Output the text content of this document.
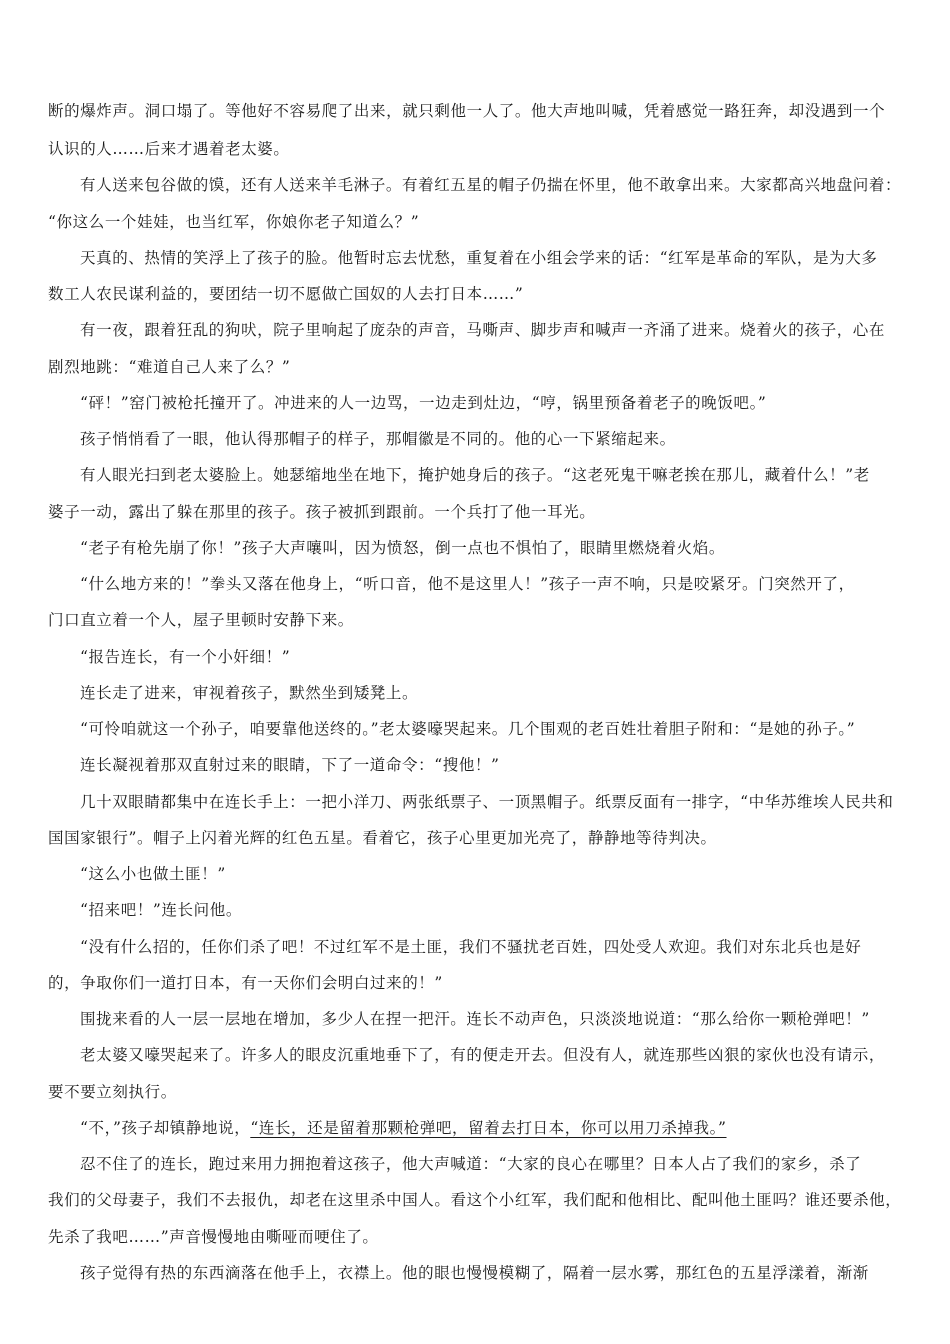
断的爆炸声。洞口塌了。等他好不容易爬了出来，就只剩他一人了。他大声地叫喊，凭着感觉一路狂奔，却没遇到一个
认识的人……后来才遇着老太婆。
有人送来包谷做的馍，还有人送来羊毛淋子。有着红五星的帽子仍揣在怀里，他不敢拿出来。大家都高兴地盘问着：
“你这么一个娃娃，也当红军，你娘你老子知道么？”
天真的、热情的笑浮上了孩子的脸。他暂时忘去忧愁，重复着在小组会学来的话：“红军是革命的军队，是为大多
数工人农民谋利益的，要团结一切不愿做亡国奴的人去打日本……”
有一夜，跟着狂乱的狗吠，院子里响起了庞杂的声音，马嘶声、脚步声和喊声一齐涌了进来。烧着火的孩子，心在
剧烈地跳：“难道自己人来了么？”
“砰！”窑门被枪托撞开了。冲进来的人一边骂，一边走到灶边，“哼，锅里预备着老子的晚饭吧。”
孩子悄悄看了一眼，他认得那帽子的样子，那帽徽是不同的。他的心一下紧缩起来。
有人眼光扫到老太婆脸上。她瑟缩地坐在地下，掩护她身后的孩子。“这老死鬼干嘛老挨在那儿，藏着什么！”老
婆子一动，露出了躲在那里的孩子。孩子被抓到跟前。一个兵打了他一耳光。
“老子有枪先崩了你！”孩子大声嚷叫，因为愤怒，倒一点也不惧怕了，眼睛里燃烧着火焰。
“什么地方来的！”拳头又落在他身上，“听口音，他不是这里人！”孩子一声不响，只是咬紧牙。门突然开了，
门口直立着一个人，屋子里顿时安静下来。
“报告连长，有一个小奸细！”
连长走了进来，审视着孩子，默然坐到矮凳上。
“可怜咱就这一个孙子，咱要靠他送终的。”老太婆嚎哭起来。几个围观的老百姓壮着胆子附和：“是她的孙子。”
连长凝视着那双直射过来的眼睛，下了一道命令：“搜他！”
几十双眼睛都集中在连长手上：一把小洋刀、两张纸票子、一顶黑帽子。纸票反面有一排字，“中华苏维埃人民共和
国国家银行”。帽子上闪着光辉的红色五星。看着它，孩子心里更加光亮了，静静地等待判决。
“这么小也做土匪！”
“招来吧！”连长问他。
“没有什么招的，任你们杀了吧！不过红军不是土匪，我们不骚扰老百姓，四处受人欢迎。我们对东北兵也是好
的，争取你们一道打日本，有一天你们会明白过来的！”
围拢来看的人一层一层地在增加，多少人在捏一把汗。连长不动声色，只淡淡地说道：“那么给你一颗枪弹吧！”
老太婆又嚎哭起来了。许多人的眼皮沉重地垂下了，有的便走开去。但没有人，就连那些凶狠的家伙也没有请示，
要不要立刻执行。
“不，”孩子却镇静地说，“连长，还是留着那颗枪弹吧，留着去打日本，你可以用刀杀掉我。”
忍不住了的连长，跑过来用力拥抱着这孩子，他大声喊道：“大家的良心在哪里？日本人占了我们的家乡，杀了
我们的父母妻子，我们不去报仇，却老在这里杀中国人。看这个小红军，我们配和他相比、配叫他土匪吗？谁还要杀他，
先杀了我吧……”声音慢慢地由嘶哑而哽住了。
孩子觉得有热的东西滴落在他手上，衣襟上。他的眼也慢慢模糊了，隔着一层水雾，那红色的五星浮漾着，渐渐
